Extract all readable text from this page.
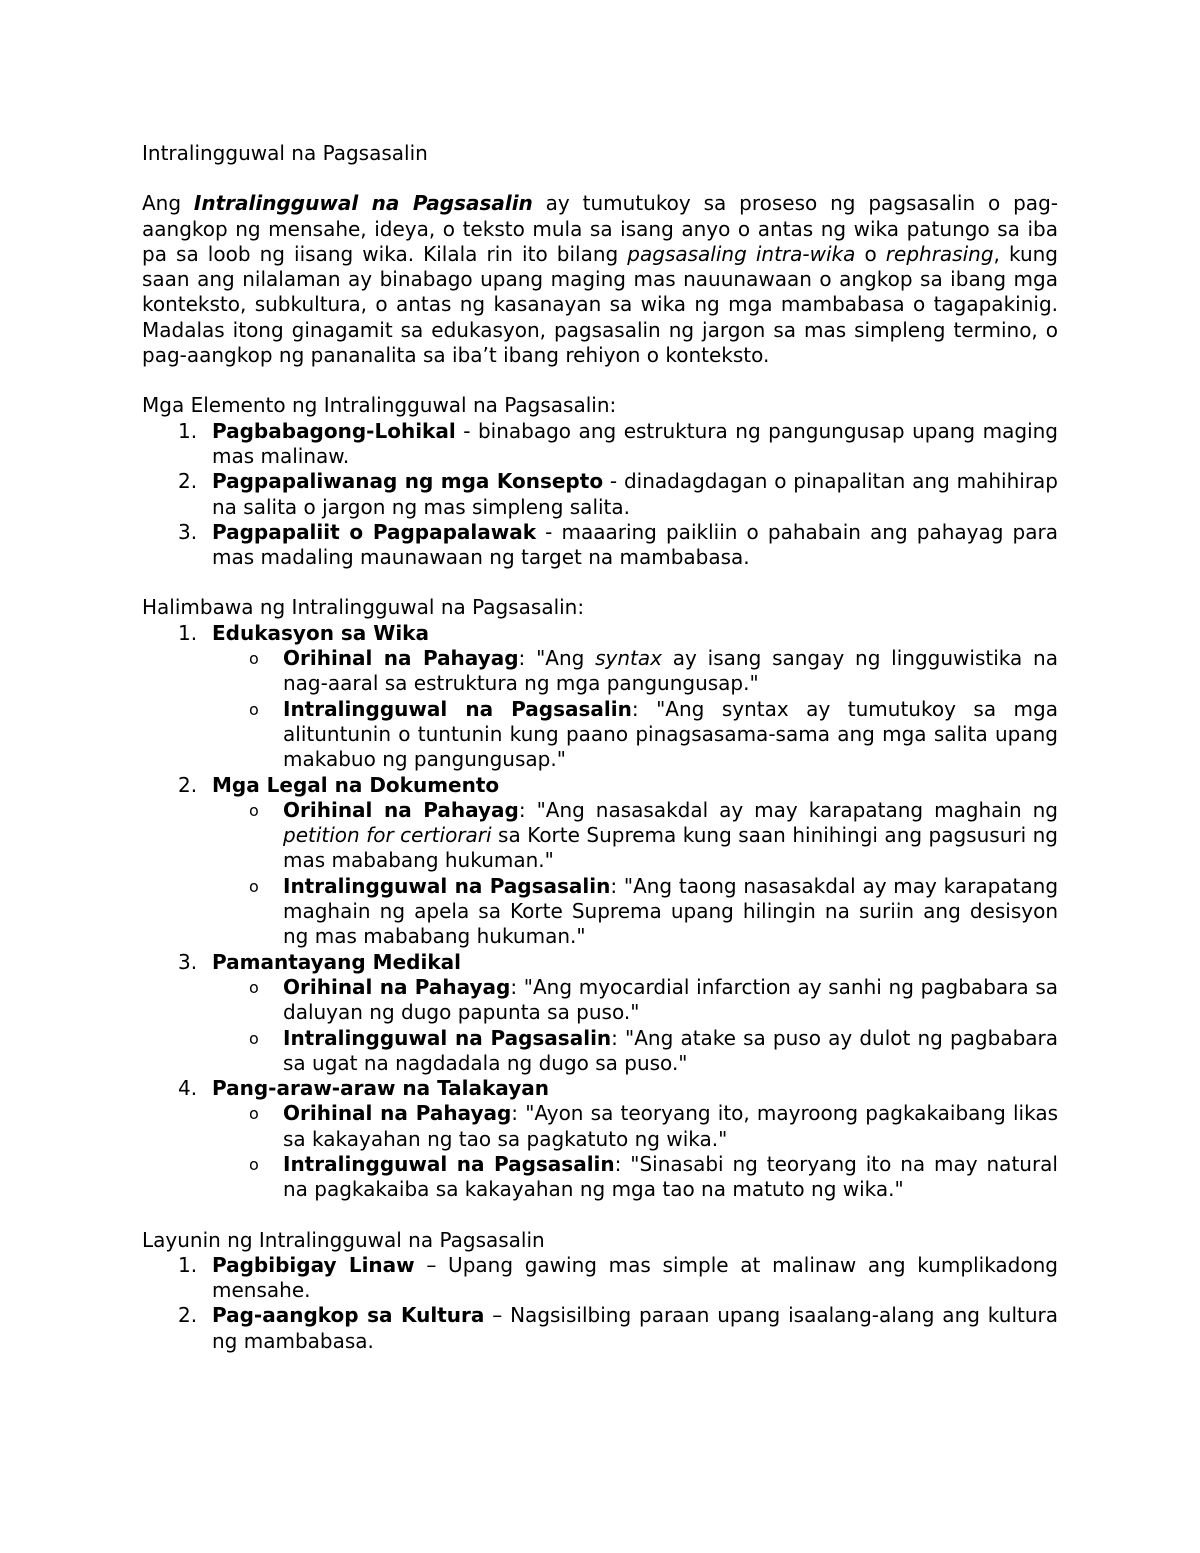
Intralingguwal na Pagsasalin

Ang Intralingguwal na Pagsasalin ay tumutukoy sa proseso ng pagsasalin o pag-aangkop ng mensahe, ideya, o teksto mula sa isang anyo o antas ng wika patungo sa iba pa sa loob ng iisang wika. Kilala rin ito bilang pagsasaling intra-wika o rephrasing, kung saan ang nilalaman ay binabago upang maging mas nauunawaan o angkop sa ibang mga konteksto, subkultura, o antas ng kasanayan sa wika ng mga mambabasa o tagapakinig. Madalas itong ginagamit sa edukasyon, pagsasalin ng jargon sa mas simpleng termino, o pag-aangkop ng pananalita sa iba’t ibang rehiyon o konteksto.

Mga Elemento ng Intralingguwal na Pagsasalin:

Pagbabagong-Lohikal - binabago ang estruktura ng pangungusap upang maging mas malinaw.
Pagpapaliwanag ng mga Konsepto - dinadagdagan o pinapalitan ang mahihirap na salita o jargon ng mas simpleng salita.
Pagpapaliit o Pagpapalawak - maaaring paikliin o pahabain ang pahayag para mas madaling maunawaan ng target na mambabasa.

Halimbawa ng Intralingguwal na Pagsasalin:

Edukasyon sa Wika
o Orihinal na Pahayag: "Ang syntax ay isang sangay ng lingguwistika na nag-aaral sa estruktura ng mga pangungusap."
o Intralingguwal na Pagsasalin: "Ang syntax ay tumutukoy sa mga alituntunin o tuntunin kung paano pinagsasama-sama ang mga salita upang makabuo ng pangungusap."
Mga Legal na Dokumento
o Orihinal na Pahayag: "Ang nasasakdal ay may karapatang maghain ng petition for certiorari sa Korte Suprema kung saan hinihingi ang pagsusuri ng mas mababang hukuman."
o Intralingguwal na Pagsasalin: "Ang taong nasasakdal ay may karapatang maghain ng apela sa Korte Suprema upang hilingin na suriin ang desisyon ng mas mababang hukuman."
Pamantayang Medikal
o Orihinal na Pahayag: "Ang myocardial infarction ay sanhi ng pagbabara sa daluyan ng dugo papunta sa puso."
o Intralingguwal na Pagsasalin: "Ang atake sa puso ay dulot ng pagbabara sa ugat na nagdadala ng dugo sa puso."
Pang-araw-araw na Talakayan
o Orihinal na Pahayag: "Ayon sa teoryang ito, mayroong pagkakaibang likas sa kakayahan ng tao sa pagkatuto ng wika."
o Intralingguwal na Pagsasalin: "Sinasabi ng teoryang ito na may natural na pagkakaiba sa kakayahan ng mga tao na matuto ng wika."

Layunin ng Intralingguwal na Pagsasalin

Pagbibigay Linaw – Upang gawing mas simple at malinaw ang kumplikadong mensahe.
Pag-aangkop sa Kultura – Nagsisilbing paraan upang isaalang-alang ang kultura ng mambabasa.
